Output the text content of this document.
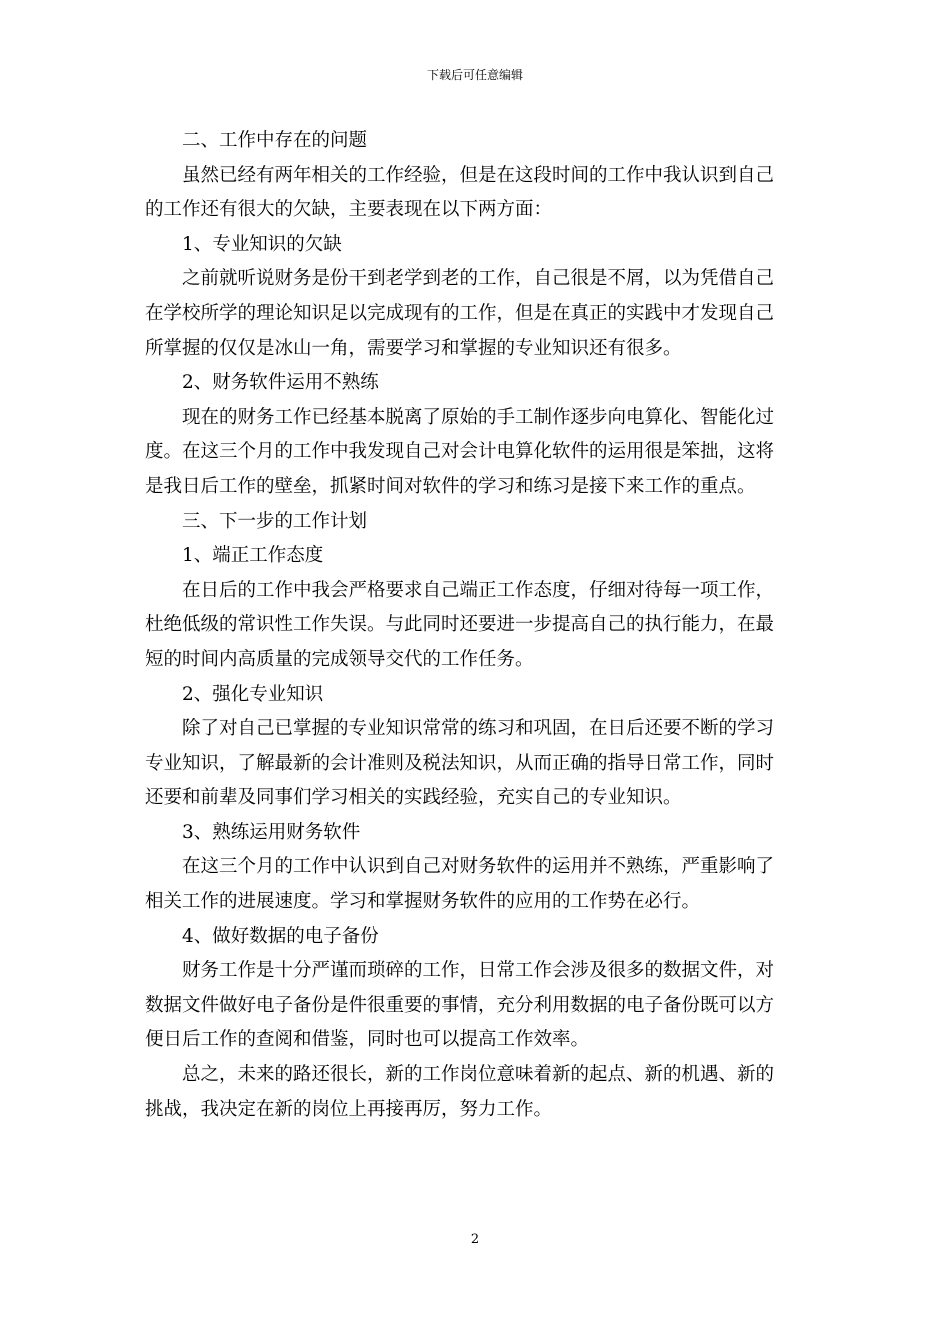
下载后可任意编辑
二、工作中存在的问题
虽然已经有两年相关的工作经验，但是在这段时间的工作中我认识到自己
的工作还有很大的欠缺，主要表现在以下两方面：
1、专业知识的欠缺
之前就听说财务是份干到老学到老的工作，自己很是不屑，以为凭借自己
在学校所学的理论知识足以完成现有的工作，但是在真正的实践中才发现自己
所掌握的仅仅是冰山一角，需要学习和掌握的专业知识还有很多。
2、财务软件运用不熟练
现在的财务工作已经基本脱离了原始的手工制作逐步向电算化、智能化过
度。在这三个月的工作中我发现自己对会计电算化软件的运用很是笨拙，这将
是我日后工作的壁垒，抓紧时间对软件的学习和练习是接下来工作的重点。
三、下一步的工作计划
1、端正工作态度
在日后的工作中我会严格要求自己端正工作态度，仔细对待每一项工作，
杜绝低级的常识性工作失误。与此同时还要进一步提高自己的执行能力，在最
短的时间内高质量的完成领导交代的工作任务。
2、强化专业知识
除了对自己已掌握的专业知识常常的练习和巩固，在日后还要不断的学习
专业知识，了解最新的会计准则及税法知识，从而正确的指导日常工作，同时
还要和前辈及同事们学习相关的实践经验，充实自己的专业知识。
3、熟练运用财务软件
在这三个月的工作中认识到自己对财务软件的运用并不熟练，严重影响了
相关工作的进展速度。学习和掌握财务软件的应用的工作势在必行。
4、做好数据的电子备份
财务工作是十分严谨而琐碎的工作，日常工作会涉及很多的数据文件，对
数据文件做好电子备份是件很重要的事情，充分利用数据的电子备份既可以方
便日后工作的查阅和借鉴，同时也可以提高工作效率。
总之，未来的路还很长，新的工作岗位意味着新的起点、新的机遇、新的
挑战，我决定在新的岗位上再接再厉，努力工作。
2
